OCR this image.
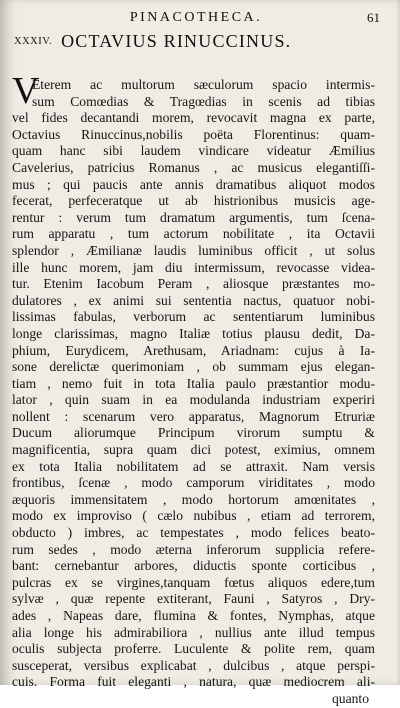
PINACOTHECA.	61
XXXIV. OCTAVIUS RINUCCINUS.
V
Eterem ac multorum sæculorum spacio intermis-
sum Comœdias & Tragœdias in scenis ad tibias
vel fides decantandi morem, revocavit magna ex parte,
Octavius Rinuccinus,nobilis poëta Florentinus: quam-
quam hanc sibi laudem vindicare videatur Æmilius
Cavelerius, patricius Romanus , ac musicus elegantiſſi-
mus ; qui paucis ante annis dramatibus aliquot modos
fecerat, perfeceratque ut ab histrionibus musicis age-
rentur : verum tum dramatum argumentis, tum ſcena-
rum apparatu , tum actorum nobilitate , ita Octavii
splendor , Æmilianæ laudis luminibus officit , ut solus
ille hunc morem, jam diu intermissum, revocasse videa-
tur. Etenim Iacobum Peram , aliosque præstantes mo-
dulatores , ex animi sui sententia nactus, quatuor nobi-
lissimas fabulas, verborum ac sententiarum luminibus
longe clarissimas, magno Italiæ totius plausu dedit, Da-
phium, Eurydicem, Arethusam, Ariadnam: cujus à Ia-
sone derelictæ querimoniam , ob summam ejus elegan-
tiam , nemo fuit in tota Italia paulo præstantior modu-
lator , quin suam in ea modulanda industriam experiri
nollent : scenarum vero apparatus, Magnorum Etruriæ
Ducum aliorumque Principum virorum sumptu &
magnificentia, supra quam dici potest, eximius, omnem
ex tota Italia nobilitatem ad se attraxit. Nam versis
frontibus, ſcenæ , modo camporum viriditates , modo
æquoris immensitatem , modo hortorum amœnitates ,
modo ex improviso ( cælo nubibus , etiam ad terrorem,
obducto ) imbres, ac tempestates , modo felices beato-
rum sedes , modo æterna inferorum supplicia refere-
bant: cernebantur arbores, diductis sponte corticibus ,
pulcras ex se virgines,tanquam fœtus aliquos edere,tum
sylvæ , quæ repente extiterant, Fauni , Satyros , Dry-
ades , Napeas dare, flumina & fontes, Nymphas, atque
alia longe his admirabiliora , nullius ante illud tempus
oculis subjecta proferre. Luculente & polite rem, quam
susceperat, versibus explicabat , dulcibus , atque perspi-
cuis. Forma fuit eleganti , natura, quæ mediocrem ali-
quanto
